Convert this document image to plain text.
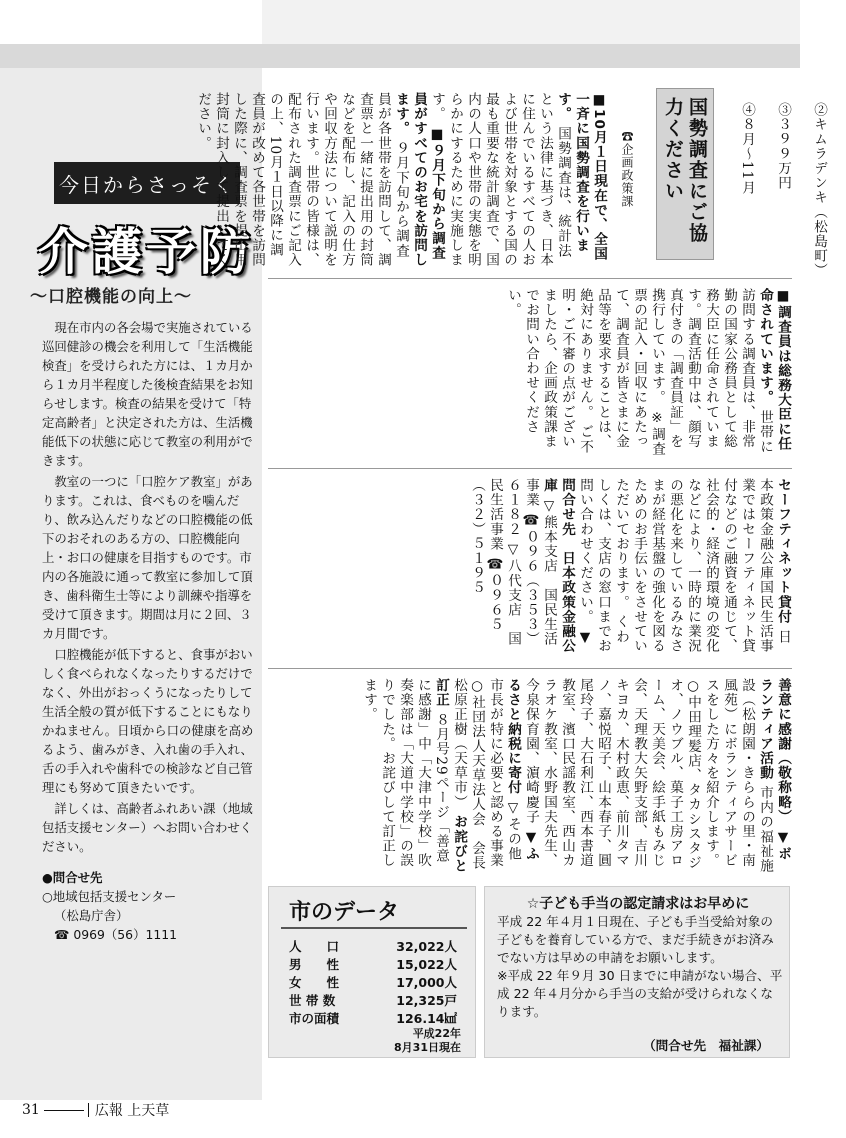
今日からさっそく
介護予防
〜口腔機能の向上〜

現在市内の各会場で実施されている巡回健診の機会を利用して「生活機能検査」を受けられた方には、１カ月から１カ月半程度した後検査結果をお知らせします。検査の結果を受けて「特定高齢者」と決定された方は、生活機能低下の状態に応じて教室の利用ができます。

教室の一つに「口腔ケア教室」があります。これは、食べものを噛んだり、飲み込んだりなどの口腔機能の低下のおそれのある方の、口腔機能向上・お口の健康を目指すものです。市内の各施設に通って教室に参加して頂き、歯科衛生士等により訓練や指導を受けて頂きます。期間は月に２回、３カ月間です。

口腔機能が低下すると、食事がおいしく食べられなくなったりするだけでなく、外出がおっくうになったりして生活全般の質が低下することにもなりかねません。日頃から口の健康を高めるよう、歯みがき、入れ歯の手入れ、舌の手入れや歯科での検診など自己管理にも努めて頂きたいです。

詳しくは、高齢者ふれあい課（地域包括支援センター）へお問い合わせください。

●問合せ先
○地域包括支援センター
（松島庁舎）
☎ 0969（56）1111

②キムラデンキ（松島町）

③３９９万円

④８月〜11月

国勢調査にご協力ください
☎企画政策課
■10月１日現在で、全国一斉に国勢調査を行います。 国勢調査は、統計法という法律に基づき、日本に住んでいるすべての人および世帯を対象とする国の最も重要な統計調査で、国内の人口や世帯の実態を明らかにするために実施します。 ■９月下旬から調査員がすべてのお宅を訪問します。 ９月下旬から調査員が各世帯を訪問して、調査票と一緒に提出用の封筒などを配布し、記入の仕方や回収方法について説明を行います。世帯の皆様は、配布された調査票にご記入の上、10月１日以降に調査員が改めて各世帯を訪問した際に、調査票を提出用封筒に封入して提出してください。
■調査員は総務大臣に任命されています。 世帯に訪問する調査員は、非常勤の国家公務員として総務大臣に任命されています。調査活動中は、顔写真付きの「調査員証」を携行しています。 ※調査票の記入・回収にあたって、調査員が皆さまに金品等を要求することは、絶対にありません。 ご不明・ご不審の点がございましたら、企画政策課までお問い合わせください。
セーフティネット貸付 日本政策金融公庫国民生活事業ではセーフティネット貸付などのご融資を通じて、社会的・経済的環境の変化などにより、一時的に業況の悪化を来しているみなさまが経営基盤の強化を図るためのお手伝いをさせていただいております。 くわしくは、支店の窓口までお問い合わせください。 ▼問合せ先　日本政策金融公庫 ▽熊本支店　国民生活事業 ☎０９６（３５３）６１８２ ▽八代支店　国民生活事業 ☎０９６５（３２）５１９５
善意に感謝（敬称略） ▼ボランティア活動 市内の福祉施設（松朗園・きららの里・南風苑）にボランティアサービスをした方々を紹介します。 ○中田理髪店、タカシスタジオ、ノウブル、菓子工房アローム、天美会、絵手紙もみじ会、天理教大矢野支部、吉川キヨカ、木村政恵、前川タマノ、嘉悦昭子、山本春子、圓尾玲子、大石利江、西本書道教室、濱口民謡教室、西山カラオケ教室、水野国夫先生、今泉保育園、濵崎慶子 ▼ふるさと納税に寄付 ▽その他市長が特に必要と認める事業 ○社団法人天草法人会　会長　松原正樹（天草市） お詫びと訂正 ８月号29ページ「善意に感謝」中「大津中学校」吹奏楽部は「大道中学校」の誤りでした。お詫びして訂正します。
市のデータ
人　　口	32,022人
男　　性	15,022人
女　　性	17,000人
世 帯 数	12,325戸
市の面積	126.14㎢
平成22年
8月31日現在
☆子ども手当の認定請求はお早めに
平成 22 年４月１日現在、子ども手当受給対象の子どもを養育している方で、まだ手続きがお済みでない方は早めの申請をお願いします。
※平成 22 年９月 30 日までに申請がない場合、平成 22 年４月分から手当の支給が受けられなくなります。
（問合せ先　福祉課）
31	広報 上天草
